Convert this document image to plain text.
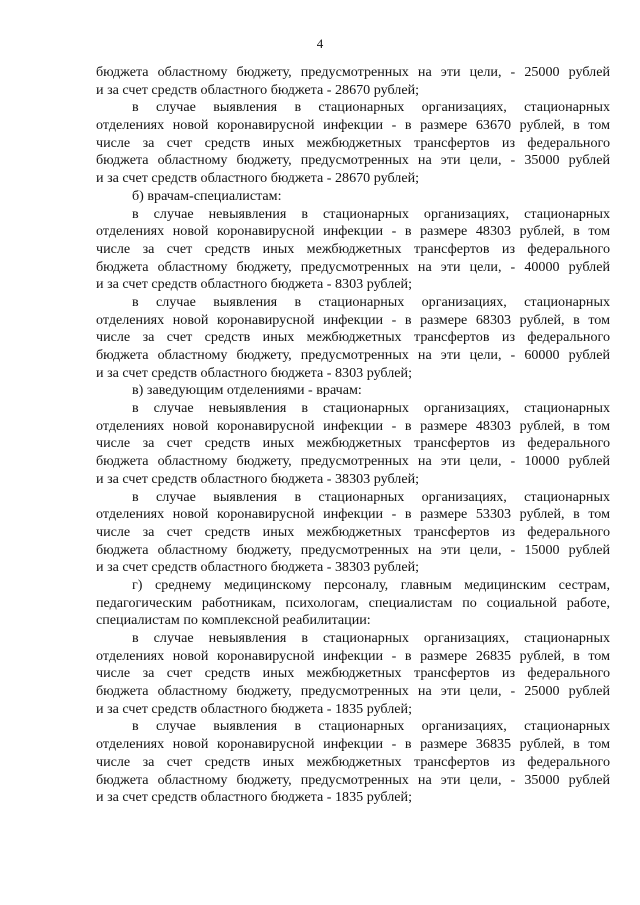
4
бюджета областному бюджету, предусмотренных на эти цели, - 25000 рублей
и за счет средств областного бюджета - 28670 рублей;
в случае выявления в стационарных организациях, стационарных
отделениях новой коронавирусной инфекции - в размере 63670 рублей, в том
числе за счет средств иных межбюджетных трансфертов из федерального
бюджета областному бюджету, предусмотренных на эти цели, - 35000 рублей
и за счет средств областного бюджета - 28670 рублей;
б) врачам-специалистам:
в случае невыявления в стационарных организациях, стационарных
отделениях новой коронавирусной инфекции - в размере 48303 рублей, в том
числе за счет средств иных межбюджетных трансфертов из федерального
бюджета областному бюджету, предусмотренных на эти цели, - 40000 рублей
и за счет средств областного бюджета - 8303 рублей;
в случае выявления в стационарных организациях, стационарных
отделениях новой коронавирусной инфекции - в размере 68303 рублей, в том
числе за счет средств иных межбюджетных трансфертов из федерального
бюджета областному бюджету, предусмотренных на эти цели, - 60000 рублей
и за счет средств областного бюджета - 8303 рублей;
в) заведующим отделениями - врачам:
в случае невыявления в стационарных организациях, стационарных
отделениях новой коронавирусной инфекции - в размере 48303 рублей, в том
числе за счет средств иных межбюджетных трансфертов из федерального
бюджета областному бюджету, предусмотренных на эти цели, - 10000 рублей
и за счет средств областного бюджета - 38303 рублей;
в случае выявления в стационарных организациях, стационарных
отделениях новой коронавирусной инфекции - в размере 53303 рублей, в том
числе за счет средств иных межбюджетных трансфертов из федерального
бюджета областному бюджету, предусмотренных на эти цели, - 15000 рублей
и за счет средств областного бюджета - 38303 рублей;
г) среднему медицинскому персоналу, главным медицинским сестрам,
педагогическим работникам, психологам, специалистам по социальной работе,
специалистам по комплексной реабилитации:
в случае невыявления в стационарных организациях, стационарных
отделениях новой коронавирусной инфекции - в размере 26835 рублей, в том
числе за счет средств иных межбюджетных трансфертов из федерального
бюджета областному бюджету, предусмотренных на эти цели, - 25000 рублей
и за счет средств областного бюджета - 1835 рублей;
в случае выявления в стационарных организациях, стационарных
отделениях новой коронавирусной инфекции - в размере 36835 рублей, в том
числе за счет средств иных межбюджетных трансфертов из федерального
бюджета областному бюджету, предусмотренных на эти цели, - 35000 рублей
и за счет средств областного бюджета - 1835 рублей;
